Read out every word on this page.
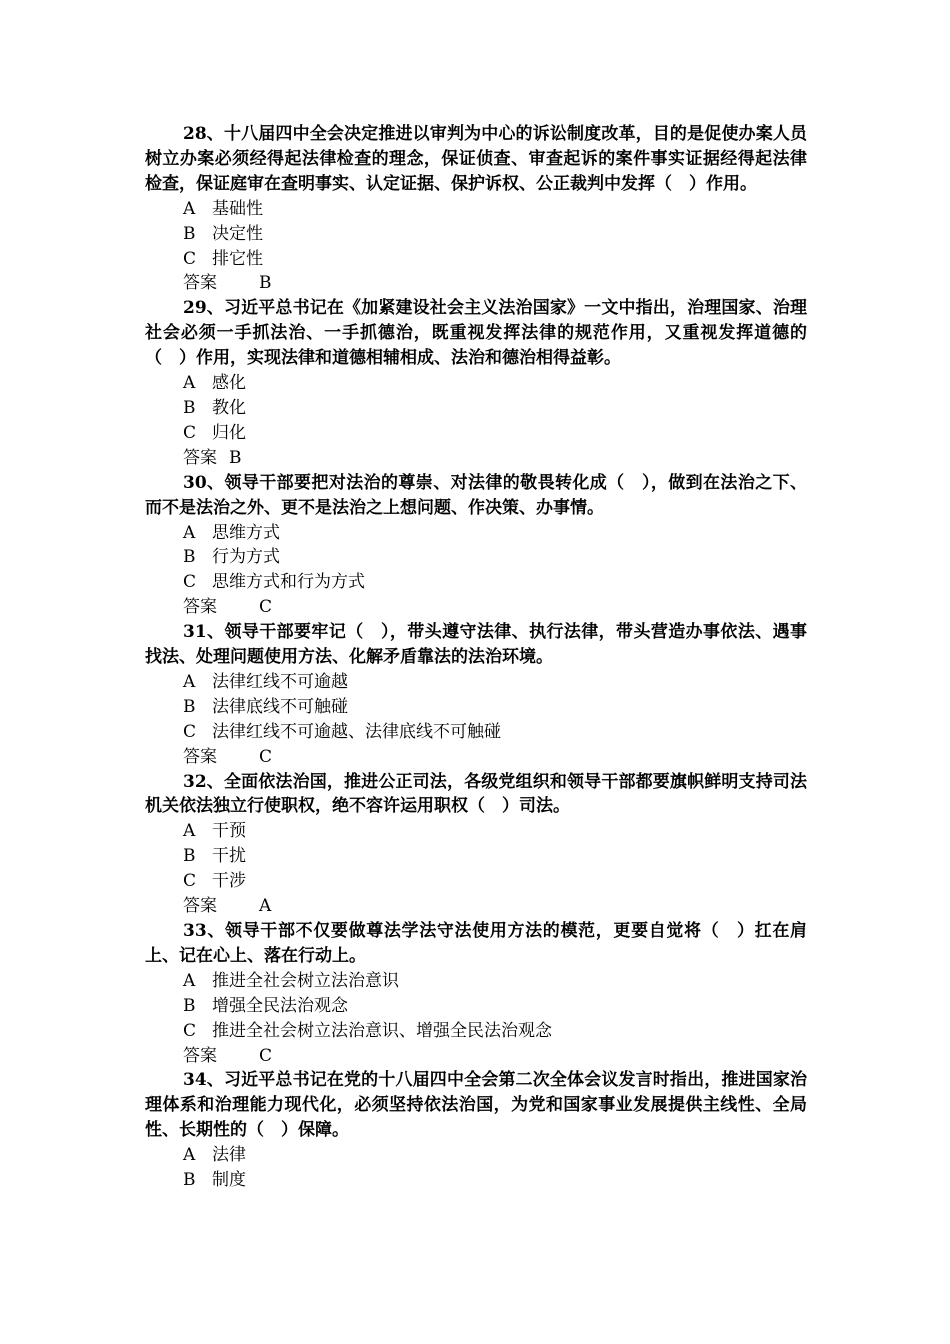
28、十八届四中全会决定推进以审判为中心的诉讼制度改革，目的是促使办案人员树立办案必须经得起法律检查的理念，保证侦查、审查起诉的案件事实证据经得起法律检查，保证庭审在查明事实、认定证据、保护诉权、公正裁判中发挥（　）作用。

A 基础性

B 决定性

C 排它性

答案 B

29、习近平总书记在《加紧建设社会主义法治国家》一文中指出，治理国家、治理社会必须一手抓法治、一手抓德治，既重视发挥法律的规范作用，又重视发挥道德的（　）作用，实现法律和道德相辅相成、法治和德治相得益彰。

A 感化

B 教化

C 归化

答案 B

30、领导干部要把对法治的尊崇、对法律的敬畏转化成（　），做到在法治之下、而不是法治之外、更不是法治之上想问题、作决策、办事情。

A 思维方式

B 行为方式

C 思维方式和行为方式

答案 C

31、领导干部要牢记（　），带头遵守法律、执行法律，带头营造办事依法、遇事找法、处理问题使用方法、化解矛盾靠法的法治环境。

A 法律红线不可逾越

B 法律底线不可触碰

C 法律红线不可逾越、法律底线不可触碰

答案 C

32、全面依法治国，推进公正司法，各级党组织和领导干部都要旗帜鲜明支持司法机关依法独立行使职权，绝不容许运用职权（　）司法。

A 干预

B 干扰

C 干涉

答案 A

33、领导干部不仅要做尊法学法守法使用方法的模范，更要自觉将（　）扛在肩上、记在心上、落在行动上。

A 推进全社会树立法治意识

B 增强全民法治观念

C 推进全社会树立法治意识、增强全民法治观念

答案 C

34、习近平总书记在党的十八届四中全会第二次全体会议发言时指出，推进国家治理体系和治理能力现代化，必须坚持依法治国，为党和国家事业发展提供主线性、全局性、长期性的（　）保障。

A 法律

B 制度
